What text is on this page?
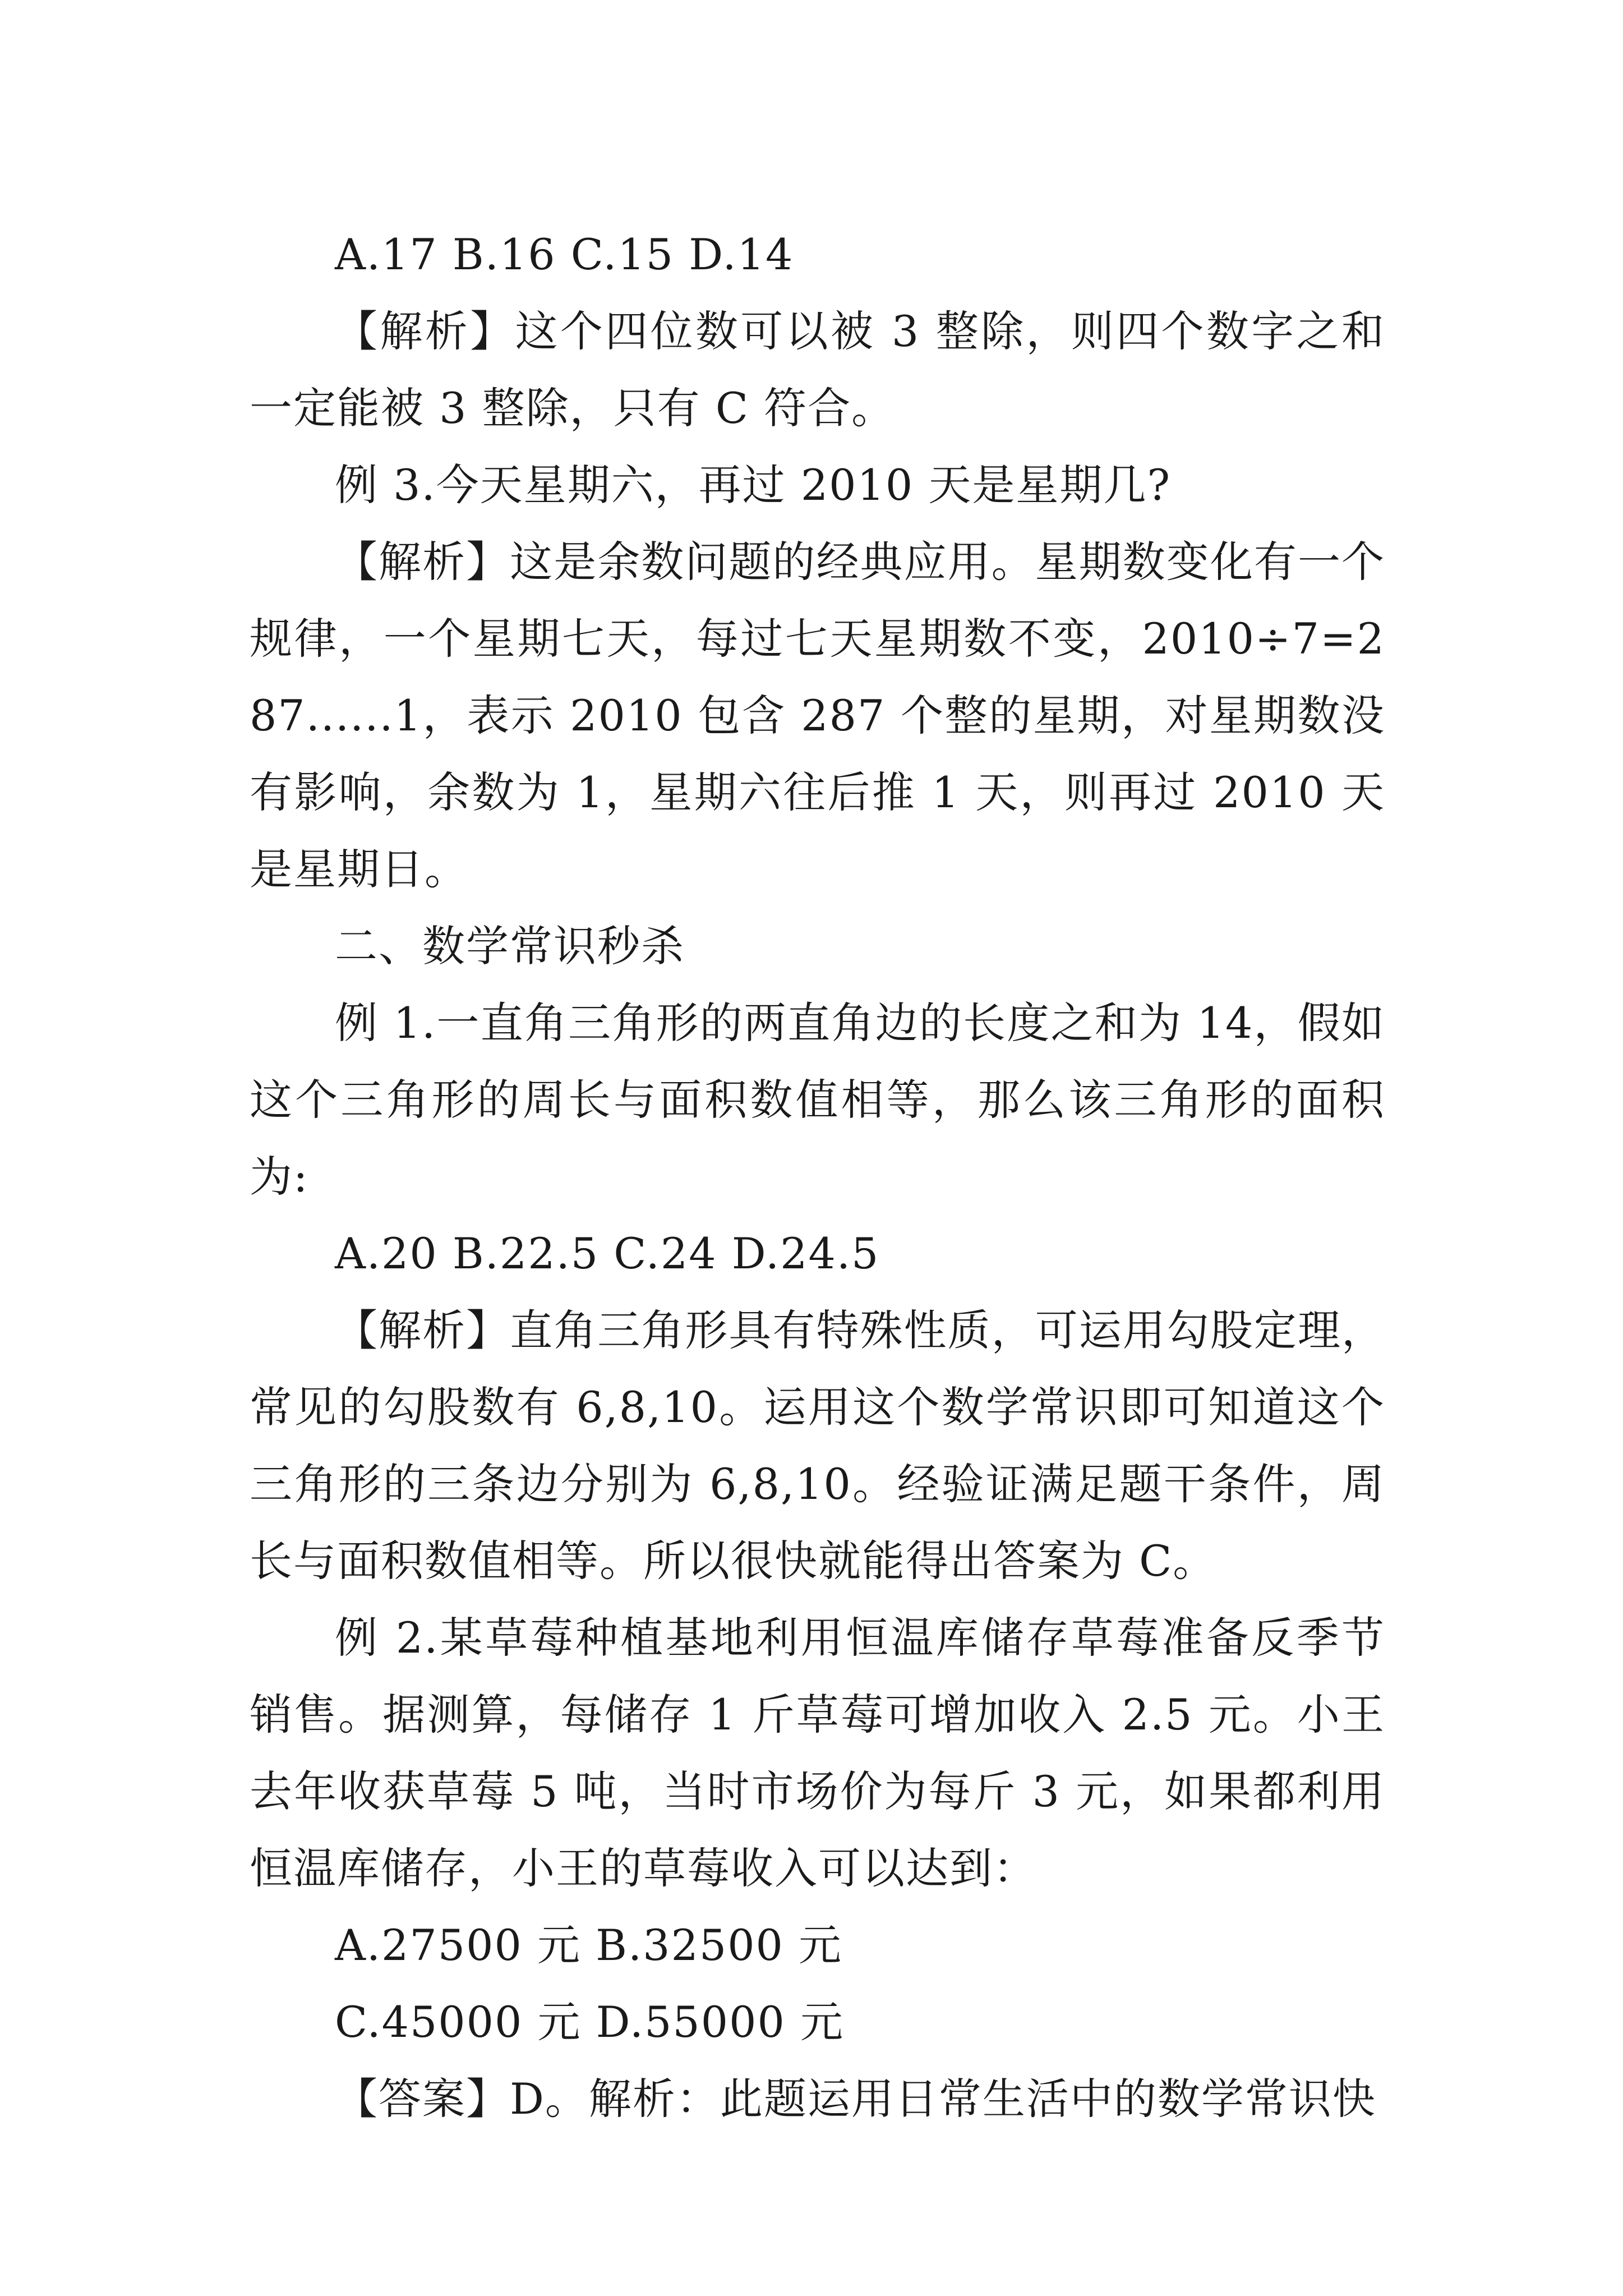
A.17 B.16 C.15 D.14

【解析】这个四位数可以被 3 整除，则四个数字之和一定能被 3 整除，只有 C 符合。

例 3.今天星期六，再过 2010 天是星期几?

【解析】这是余数问题的经典应用。星期数变化有一个规律，一个星期七天，每过七天星期数不变，2010÷7=287......1，表示 2010 包含 287 个整的星期，对星期数没有影响，余数为 1，星期六往后推 1 天，则再过 2010 天是星期日。

二、数学常识秒杀

例 1.一直角三角形的两直角边的长度之和为 14，假如这个三角形的周长与面积数值相等，那么该三角形的面积为:

A.20 B.22.5 C.24 D.24.5

【解析】直角三角形具有特殊性质，可运用勾股定理，常见的勾股数有 6,8,10。运用这个数学常识即可知道这个三角形的三条边分别为 6,8,10。经验证满足题干条件，周长与面积数值相等。所以很快就能得出答案为 C。

例 2.某草莓种植基地利用恒温库储存草莓准备反季节销售。据测算，每储存 1 斤草莓可增加收入 2.5 元。小王去年收获草莓 5 吨，当时市场价为每斤 3 元，如果都利用恒温库储存，小王的草莓收入可以达到：

A.27500 元 B.32500 元

C.45000 元 D.55000 元

【答案】D。解析：此题运用日常生活中的数学常识快
